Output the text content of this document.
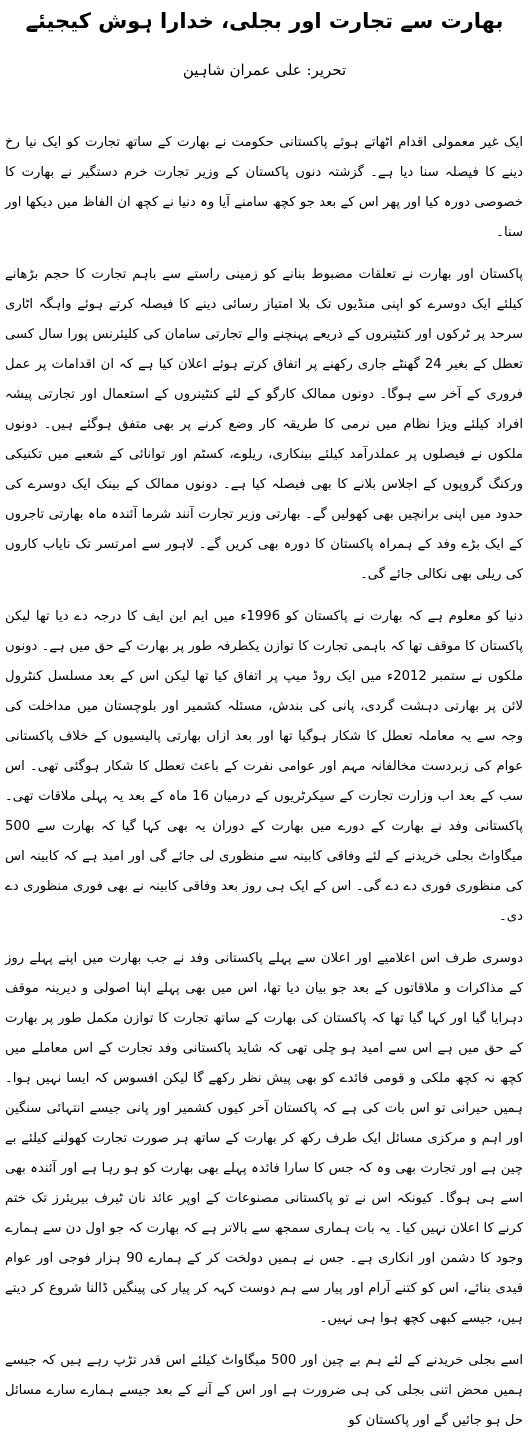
بھارت سے تجارت اور بجلی، خدارا ہوش کیجیئے
تحریر: علی عمران شاہین

ایک غیر معمولی اقدام اٹھاتے ہوئے پاکستانی حکومت نے بھارت کے ساتھ تجارت کو ایک نیا رخ دینے کا فیصلہ سنا دیا ہے۔ گزشتہ دنوں پاکستان کے وزیر تجارت خرم دستگیر نے بھارت کا خصوصی دورہ کیا اور پھر اس کے بعد جو کچھ سامنے آیا وہ دنیا نے کچھ ان الفاظ میں دیکھا اور سنا۔

پاکستان اور بھارت نے تعلقات مضبوط بنانے کو زمینی راستے سے باہم تجارت کا حجم بڑھانے کیلئے ایک دوسرے کو اپنی منڈیوں تک بلا امتیاز رسائی دینے کا فیصلہ کرتے ہوئے واہگہ اٹاری سرحد پر ٹرکوں اور کنٹینروں کے ذریعے پہنچنے والے تجارتی سامان کی کلیئرنس پورا سال کسی تعطل کے بغیر 24 گھنٹے جاری رکھنے پر اتفاق کرتے ہوئے اعلان کیا ہے کہ ان اقدامات پر عمل فروری کے آخر سے ہوگا۔ دونوں ممالک کارگو کے لئے کنٹینروں کے استعمال اور تجارتی پیشہ افراد کیلئے ویزا نظام میں نرمی کا طریقہ کار وضع کرنے پر بھی متفق ہوگئے ہیں۔ دونوں ملکوں نے فیصلوں پر عملدرآمد کیلئے بینکاری، ریلوے، کسٹم اور توانائی کے شعبے میں تکنیکی ورکنگ گروپوں کے اجلاس بلانے کا بھی فیصلہ کیا ہے۔ دونوں ممالک کے بینک ایک دوسرے کی حدود میں اپنی برانچیں بھی کھولیں گے۔ بھارتی وزیر تجارت آنند شرما آئندہ ماہ بھارتی تاجروں کے ایک بڑے وفد کے ہمراہ پاکستان کا دورہ بھی کریں گے۔ لاہور سے امرتسر تک نایاب کاروں کی ریلی بھی نکالی جائے گی۔

دنیا کو معلوم ہے کہ بھارت نے پاکستان کو 1996ء میں ایم این ایف کا درجہ دے دیا تھا لیکن پاکستان کا موقف تھا کہ باہمی تجارت کا توازن یکطرفہ طور پر بھارت کے حق میں ہے۔ دونوں ملکوں نے ستمبر 2012ء میں ایک روڈ میپ پر اتفاق کیا تھا لیکن اس کے بعد مسلسل کنٹرول لائن پر بھارتی دہشت گردی، پانی کی بندش، مسئلہ کشمیر اور بلوچستان میں مداخلت کی وجہ سے یہ معاملہ تعطل کا شکار ہوگیا تھا اور بعد ازاں بھارتی پالیسیوں کے خلاف پاکستانی عوام کی زبردست مخالفانہ مہم اور عوامی نفرت کے باعث تعطل کا شکار ہوگئی تھی۔ اس سب کے بعد اب وزارت تجارت کے سیکرٹریوں کے درمیان 16 ماہ کے بعد یہ پہلی ملاقات تھی۔ پاکستانی وفد نے بھارت کے دورے میں بھارت کے دوران یہ بھی کہا گیا کہ بھارت سے 500 میگاواٹ بجلی خریدنے کے لئے وفاقی کابینہ سے منظوری لی جائے گی اور امید ہے کہ کابینہ اس کی منظوری فوری دے دے گی۔ اس کے ایک ہی روز بعد وفاقی کابینہ نے بھی فوری منظوری دے دی۔

دوسری طرف اس اعلامیے اور اعلان سے پہلے پاکستانی وفد نے جب بھارت میں اپنے پہلے روز کے مذاکرات و ملاقاتوں کے بعد جو بیان دیا تھا، اس میں بھی پہلے اپنا اصولی و دیرینہ موقف دہرایا گیا اور کہا گیا تھا کہ پاکستان کی بھارت کے ساتھ تجارت کا توازن مکمل طور پر بھارت کے حق میں ہے اس سے امید ہو چلی تھی کہ شاید پاکستانی وفد تجارت کے اس معاملے میں کچھ نہ کچھ ملکی و قومی فائدے کو بھی پیش نظر رکھے گا لیکن افسوس کہ ایسا نہیں ہوا۔ ہمیں حیرانی تو اس بات کی ہے کہ پاکستان آخر کیوں کشمیر اور پانی جیسے انتہائی سنگین اور اہم و مرکزی مسائل ایک طرف رکھ کر بھارت کے ساتھ ہر صورت تجارت کھولنے کیلئے بے چین ہے اور تجارت بھی وہ کہ جس کا سارا فائدہ پہلے بھی بھارت کو ہو رہا ہے اور آئندہ بھی اسے ہی ہوگا۔ کیونکہ اس نے تو پاکستانی مصنوعات کے اوپر عائد نان ٹیرف بیریئرز تک ختم کرنے کا اعلان نہیں کیا۔ یہ بات ہماری سمجھ سے بالاتر ہے کہ بھارت کہ جو اول دن سے ہمارے وجود کا دشمن اور انکاری ہے۔ جس نے ہمیں دولخت کر کے ہمارے 90 ہزار فوجی اور عوام قیدی بنائے، اس کو کتنے آرام اور پیار سے ہم دوست کہہ کر پیار کی پینگیں ڈالنا شروع کر دیتے ہیں، جیسے کبھی کچھ ہوا ہی نہیں۔

اسے بجلی خریدنے کے لئے ہم بے چین اور 500 میگاواٹ کیلئے اس قدر تڑپ رہے ہیں کہ جیسے ہمیں محض اتنی بجلی کی ہی ضرورت ہے اور اس کے آنے کے بعد جیسے ہمارے سارے مسائل حل ہو جائیں گے اور پاکستان کو
